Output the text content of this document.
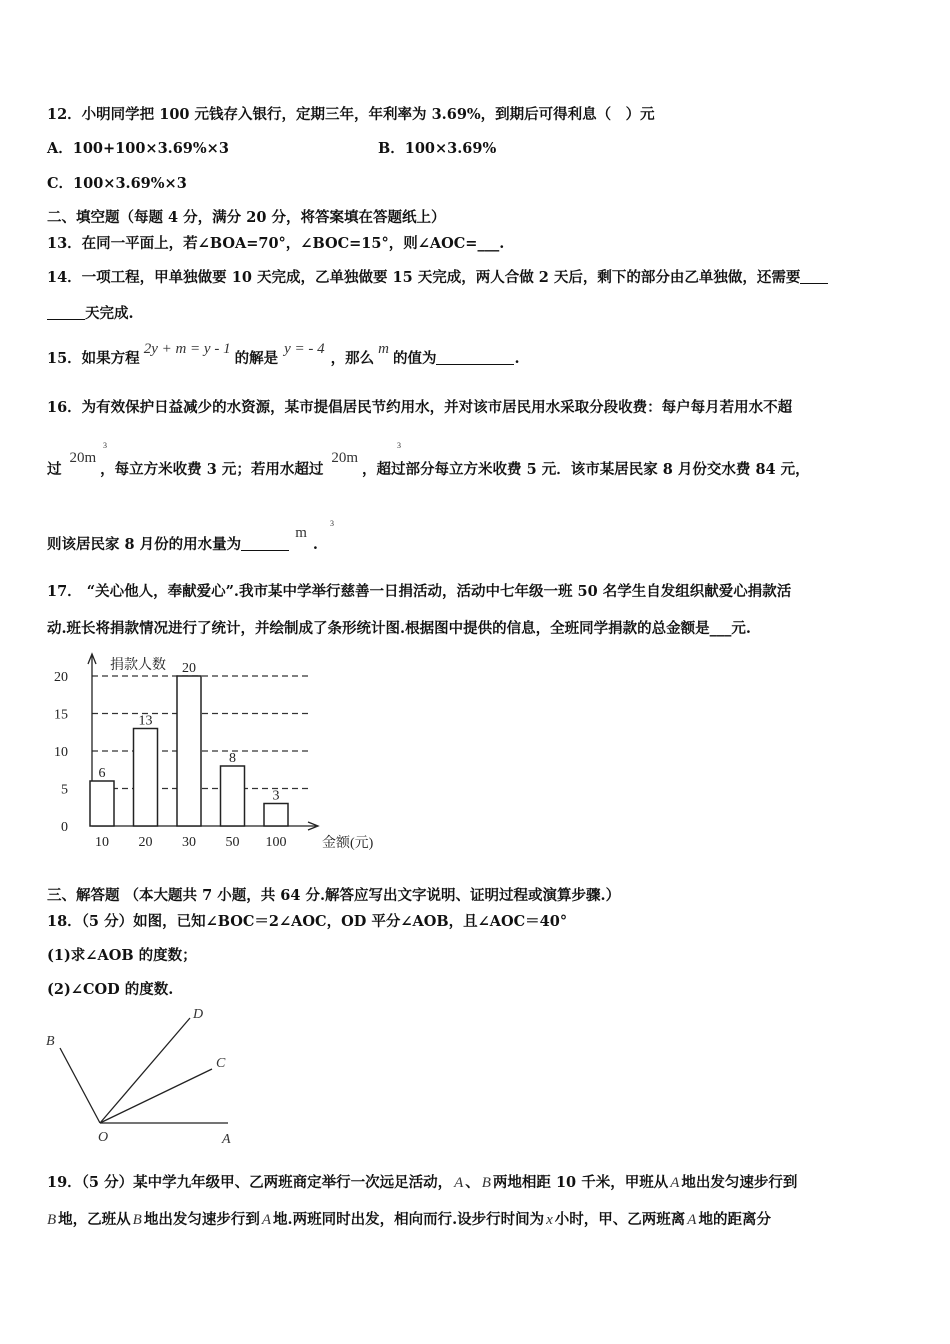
12．小明同学把 100 元钱存入银行，定期三年，年利率为 3.69%，到期后可得利息（　）元
A．100+100×3.69%×3	B．100×3.69%
C．100×3.69%×3
二、填空题（每题 4 分，满分 20 分，将答案填在答题纸上）
13．在同一平面上，若∠BOA=70°，∠BOC=15°，则∠AOC=___.
14．一项工程，甲单独做要 10 天完成，乙单独做要 15 天完成，两人合做 2 天后，剩下的部分由乙单独做，还需要
天完成.
15．如果方程2y + m = y - 1的解是y = - 4，那么m的值为	.
16．为有效保护日益减少的水资源，某市提倡居民节约用水，并对该市居民用水采取分段收费：每户每月若用水不超
过20m，每立方米收费 3 元；若用水超过20m，超过部分每立方米收费 5 元．该市某居民家 8 月份交水费 84 元，
3	3
则该居民家 8 月份的用水量为m.
3
17． “关心他人，奉献爱心”.我市某中学举行慈善一日捐活动，活动中七年级一班 50 名学生自发组织献爱心捐款活
动.班长将捐款情况进行了统计，并绘制成了条形统计图.根据图中提供的信息，全班同学捐款的总金额是___元.
捐款人数
金额(元)
0
5
10
15
20
6
10
13
20
20
30
8
50
3
100
三、解答题 （本大题共 7 小题，共 64 分.解答应写出文字说明、证明过程或演算步骤.）
18．（5 分）如图，已知∠BOC＝2∠AOC，OD 平分∠AOB，且∠AOC＝40°
(1)求∠AOB 的度数；
(2)∠COD 的度数.
B
D
C
O	A
19．（5 分）某中学九年级甲、乙两班商定举行一次远足活动， A 、 B 两地相距 10 千米，甲班从 A 地出发匀速步行到
B 地，乙班从 B 地出发匀速步行到 A 地.两班同时出发，相向而行.设步行时间为 x 小时，甲、乙两班离 A 地的距离分
